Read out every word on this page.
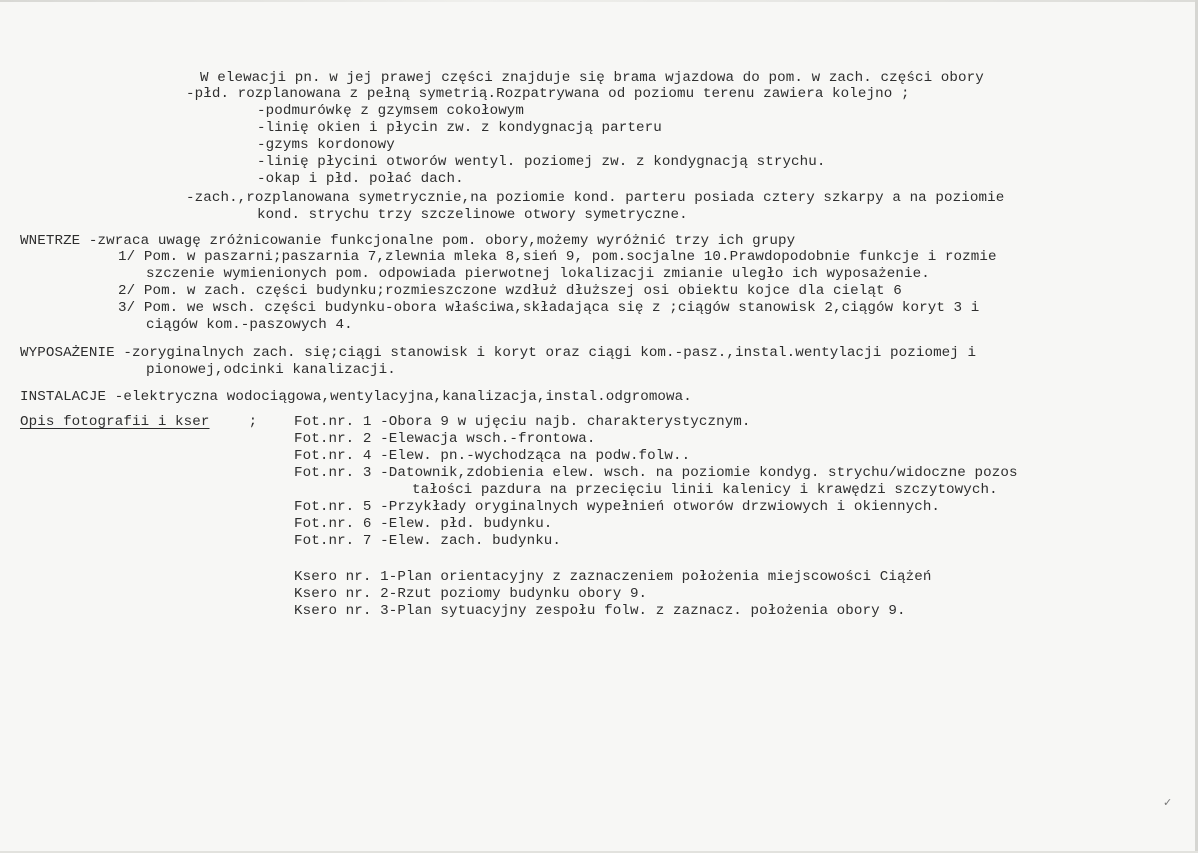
W elewacji pn. w jej prawej części znajduje się brama wjazdowa do pom. w zach. części obory
-płd. rozplanowana z pełną symetrią.Rozpatrywana od poziomu terenu zawiera kolejno ;
-podmurówkę z gzymsem cokołowym
-linię okien i płycin zw. z kondygnacją parteru
-gzyms kordonowy
-linię płycini otworów wentyl. poziomej zw. z kondygnacją strychu.
-okap i płd. połać dach.
-zach.,rozplanowana symetrycznie,na poziomie kond. parteru posiada cztery szkarpy a na poziomie
kond. strychu trzy szczelinowe otwory symetryczne.
WNETRZE -zwraca uwagę zróżnicowanie funkcjonalne pom. obory,możemy wyróżnić trzy ich grupy
1/ Pom. w paszarni;paszarnia 7,zlewnia mleka 8,sień 9, pom.socjalne 10.Prawdopodobnie funkcje i rozmie
szczenie wymienionych pom. odpowiada pierwotnej lokalizacji zmianie uległo ich wyposażenie.
2/ Pom. w zach. części budynku;rozmieszczone wzdłuż dłuższej osi obiektu kojce dla cieląt 6
3/ Pom. we wsch. części budynku-obora właściwa,składająca się z ;ciągów stanowisk 2,ciągów koryt 3 i
ciągów kom.-paszowych 4.
WYPOSAŻENIE -zoryginalnych zach. się;ciągi stanowisk i koryt oraz ciągi kom.-pasz.,instal.wentylacji poziomej i
pionowej,odcinki kanalizacji.
INSTALACJE -elektryczna wodociągowa,wentylacyjna,kanalizacja,instal.odgromowa.
Opis fotografii i kser ;	Fot.nr. 1 -Obora 9 w ujęciu najb. charakterystycznym.
Fot.nr. 2 -Elewacja wsch.-frontowa.
Fot.nr. 4 -Elew. pn.-wychodząca na podw.folw..
Fot.nr. 3 -Datownik,zdobienia elew. wsch. na poziomie kondyg. strychu/widoczne pozos
tałości pazdura na przecięciu linii kalenicy i krawędzi szczytowych.
Fot.nr. 5 -Przykłady oryginalnych wypełnień otworów drzwiowych i okiennych.
Fot.nr. 6 -Elew. płd. budynku.
Fot.nr. 7 -Elew. zach. budynku.
Ksero nr. 1-Plan orientacyjny z zaznaczeniem położenia miejscowości Ciążeń
Ksero nr. 2-Rzut poziomy budynku obory 9.
Ksero nr. 3-Plan sytuacyjny zespołu folw. z zaznacz. położenia obory 9.
✓
